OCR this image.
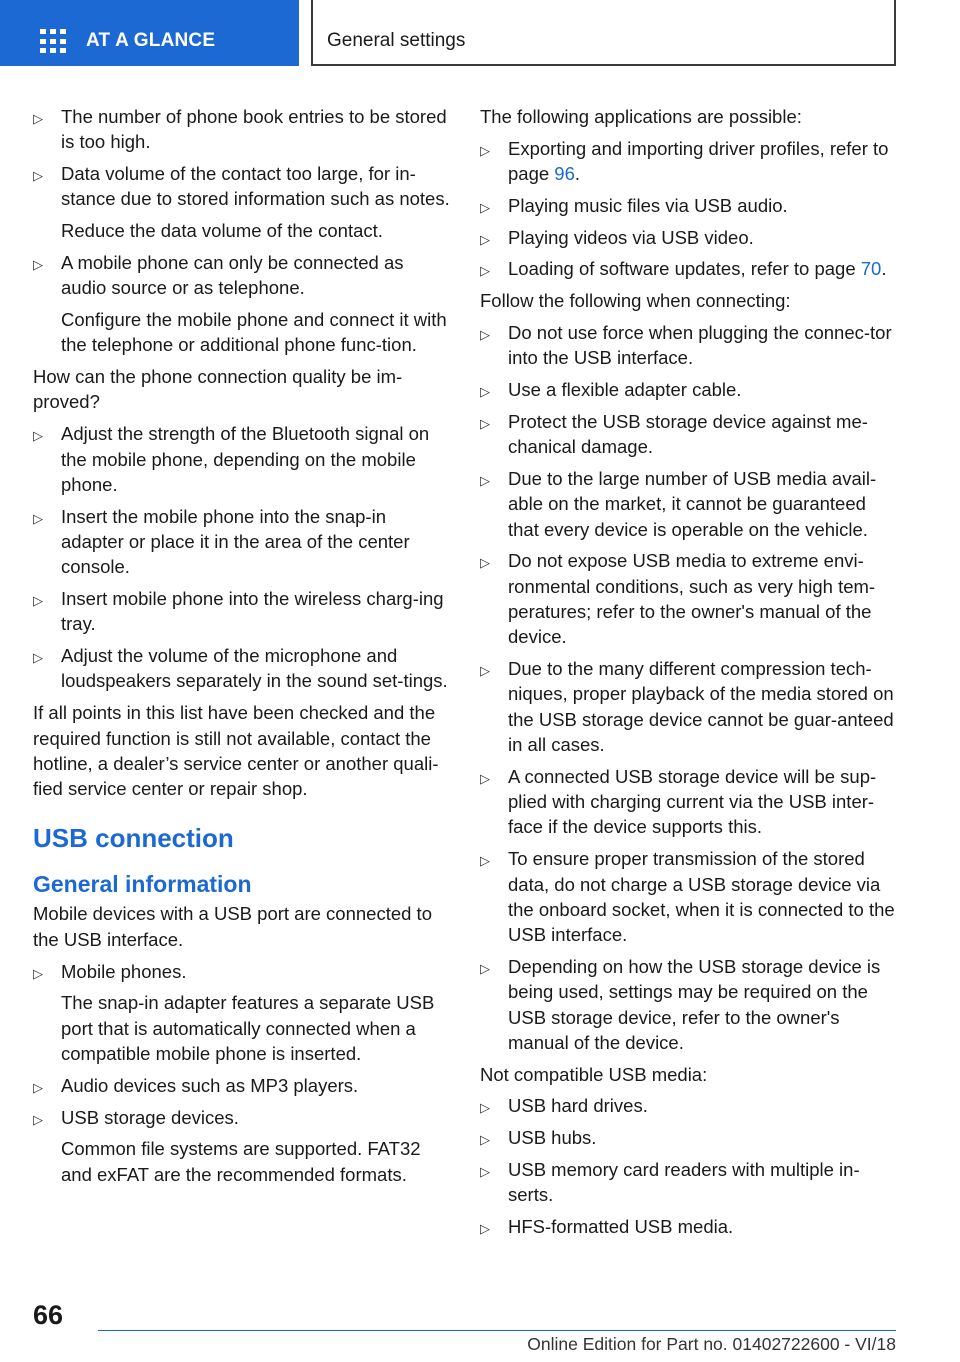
AT A GLANCE	General settings
▷ The number of phone book entries to be stored is too high.
▷ Data volume of the contact too large, for in-stance due to stored information such as notes.
Reduce the data volume of the contact.
▷ A mobile phone can only be connected as audio source or as telephone.
Configure the mobile phone and connect it with the telephone or additional phone func-tion.
How can the phone connection quality be im-proved?
▷ Adjust the strength of the Bluetooth signal on the mobile phone, depending on the mobile phone.
▷ Insert the mobile phone into the snap-in adapter or place it in the area of the center console.
▷ Insert mobile phone into the wireless charg-ing tray.
▷ Adjust the volume of the microphone and loudspeakers separately in the sound set-tings.
If all points in this list have been checked and the required function is still not available, contact the hotline, a dealer’s service center or another quali-fied service center or repair shop.
USB connection
General information
Mobile devices with a USB port are connected to the USB interface.
▷ Mobile phones.
The snap-in adapter features a separate USB port that is automatically connected when a compatible mobile phone is inserted.
▷ Audio devices such as MP3 players.
▷ USB storage devices.
Common file systems are supported. FAT32 and exFAT are the recommended formats.
The following applications are possible:
▷ Exporting and importing driver profiles, refer to page 96.
▷ Playing music files via USB audio.
▷ Playing videos via USB video.
▷ Loading of software updates, refer to page 70.
Follow the following when connecting:
▷ Do not use force when plugging the connec-tor into the USB interface.
▷ Use a flexible adapter cable.
▷ Protect the USB storage device against me-chanical damage.
▷ Due to the large number of USB media avail-able on the market, it cannot be guaranteed that every device is operable on the vehicle.
▷ Do not expose USB media to extreme envi-ronmental conditions, such as very high tem-peratures; refer to the owner's manual of the device.
▷ Due to the many different compression tech-niques, proper playback of the media stored on the USB storage device cannot be guar-anteed in all cases.
▷ A connected USB storage device will be sup-plied with charging current via the USB inter-face if the device supports this.
▷ To ensure proper transmission of the stored data, do not charge a USB storage device via the onboard socket, when it is connected to the USB interface.
▷ Depending on how the USB storage device is being used, settings may be required on the USB storage device, refer to the owner's manual of the device.
Not compatible USB media:
▷ USB hard drives.
▷ USB hubs.
▷ USB memory card readers with multiple in-serts.
▷ HFS-formatted USB media.
66
Online Edition for Part no. 01402722600 - VI/18
